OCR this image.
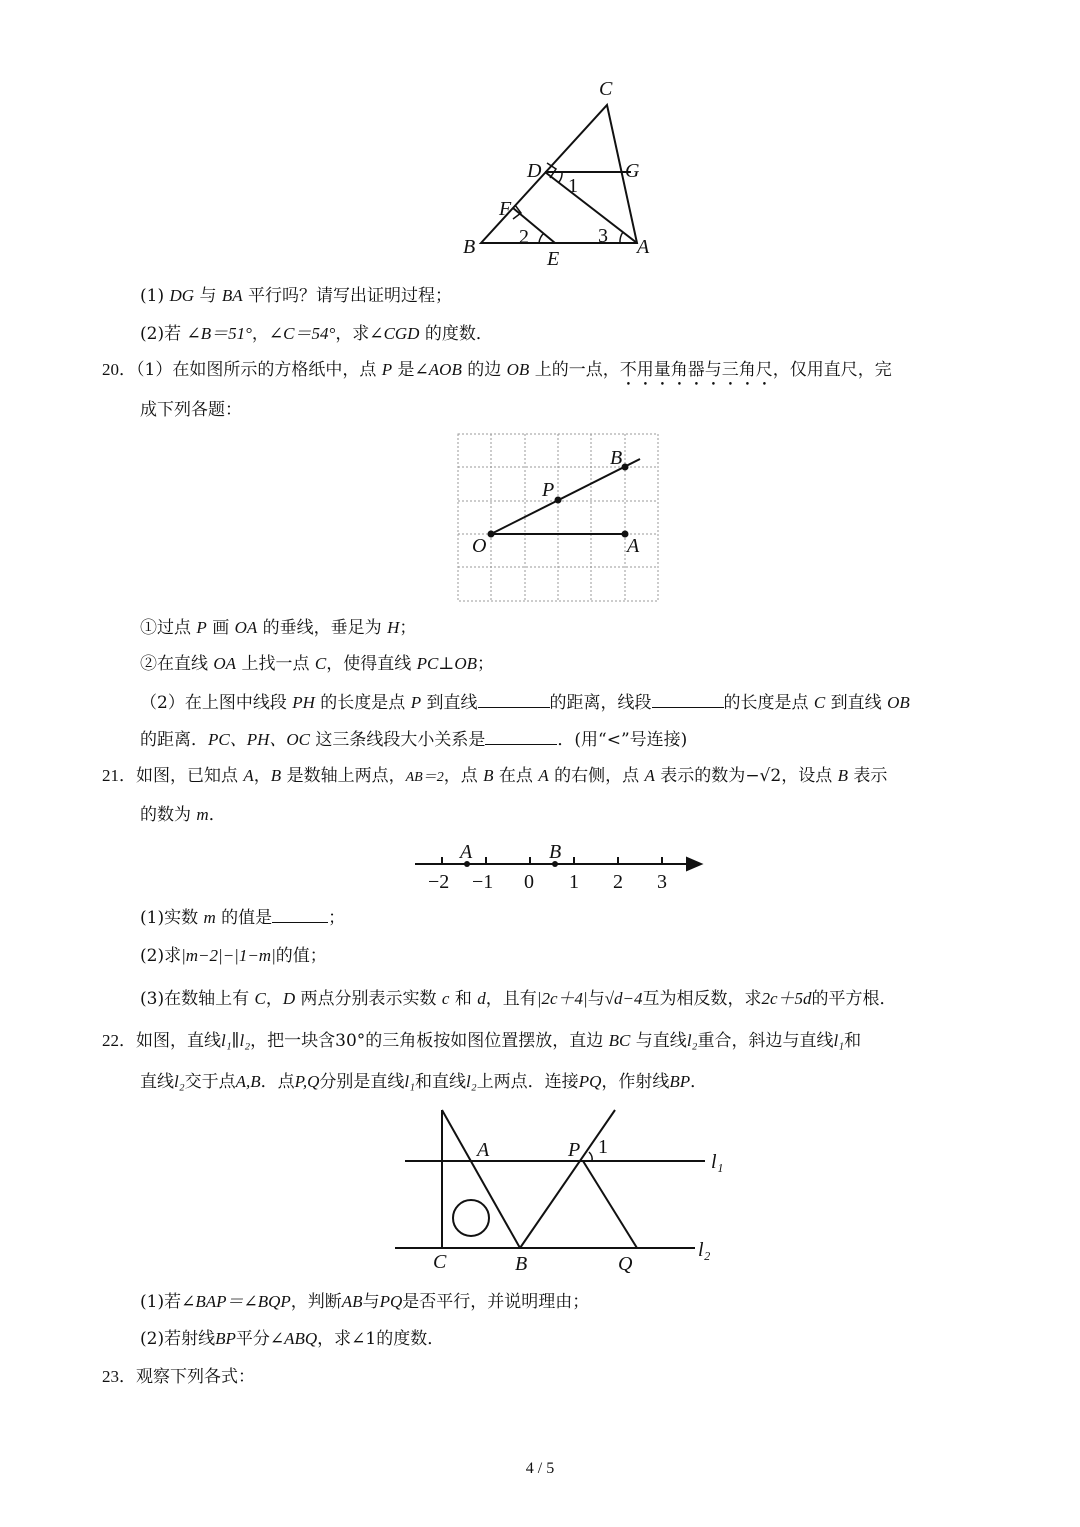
C
D	G
F
B
E
A
1
2	3
(1) DG 与 BA 平行吗？请写出证明过程；
(2)若 ∠B＝51°，∠C＝54°，求∠CGD 的度数．
20．（1）在如图所示的方格纸中，点 P 是∠AOB 的边 OB 上的一点，不用量角器与三角尺，仅用直尺，完
成下列各题：
B
P
O	A
①过点 P 画 OA 的垂线，垂足为 H；
②在直线 OA 上找一点 C，使得直线 PC⊥OB；
（2）在上图中线段 PH 的长度是点 P 到直线	的距离，线段	的长度是点 C 到直线 OB
的距离．PC、PH、OC 这三条线段大小关系是	．(用“<”号连接)
21．如图，已知点 A，B 是数轴上两点，AB＝2，点 B 在点 A 的右侧，点 A 表示的数为−√2，设点 B 表示
的数为 m．
A	B
−2 −1 0 1 2 3
(1)实数 m 的值是	；
(2)求|m−2|−|1−m|的值；
(3)在数轴上有 C，D 两点分别表示实数 c 和 d，且有|2c＋4|与√d−4互为相反数，求2c＋5d的平方根．
22．如图，直线l₁∥l₂，把一块含30°的三角板按如图位置摆放，直边 BC 与直线l₂重合，斜边与直线l₁和
直线l₂交于点A,B．点P,Q分别是直线l₁和直线l₂上两点．连接PQ，作射线BP．
A	P 1
l₁
l₂
C	B	Q
(1)若∠BAP＝∠BQP，判断AB与PQ是否平行，并说明理由；
(2)若射线BP平分∠ABQ，求∠1的度数．
23．观察下列各式：
4 / 5
